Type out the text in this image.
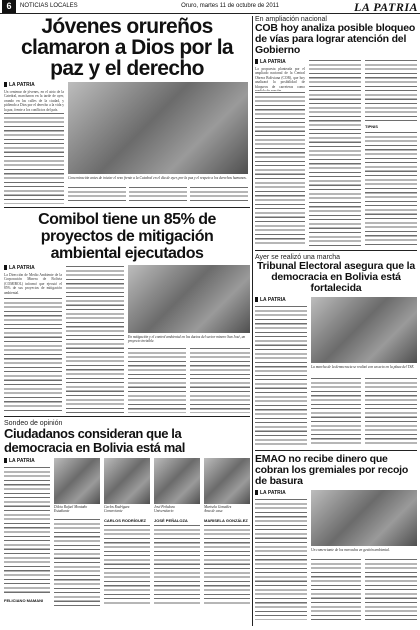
6	NOTICIAS LOCALES	Oruro, martes 11 de octubre de 2011	LA PATRIA
Jóvenes orureños clamaron a Dios por la paz y el derecho
LA PATRIA
Un centenar de jóvenes, en el atrio de la Catedral, marcharon en la tarde de ayer, orando en las calles de la ciudad, y pidiendo a Dios por el derecho a la vida y la paz, frente a los conflictos del país.
Concentración antes de iniciar el rezo frente a la Catedral en el día de ayer, por la paz y el respeto a los derechos humanos.
Comibol tiene un 85% de proyectos de mitigación ambiental ejecutados
LA PATRIA
La Dirección de Medio Ambiente de la Corporación Minera de Bolivia (COMIBOL) informó que ejecutó el 85% de sus proyectos de mitigación ambiental.
En mitigación y el control ambiental en los ductos del sector minero San José, un proyecto invisible.
Sondeo de opinión
Ciudadanos consideran que la democracia en Bolivia está mal
LA PATRIA
FELICIANO MAMANI
Dilcia Rafael Montaño	Carlos Rodríguez	José Peñaloza	Marisela González
Estudiante	Comerciante	Universitario	Ama de casa
CARLOS RODRÍGUEZ JOSÉ PEÑALOZA	MARISELA GONZÁLEZ
En ampliación nacional
COB hoy analiza posible bloqueo de vías para lograr atención del Gobierno
LA PATRIA
La propuesta planteada por el ampliado nacional de la Central Obrera Boliviana (COB), que hoy analizará la posibilidad de bloqueos de carreteras como
TIPNIS
Ayer se realizó una marcha
Tribunal Electoral asegura que la democracia en Bolivia está fortalecida
LA PATRIA
La marcha de la democracia se realizó con un acto en la plaza del TSE.
EMAO no recibe dinero que cobran los gremiales por recojo de basura
LA PATRIA
Un comerciante de los mercados en gestión ambiental.
